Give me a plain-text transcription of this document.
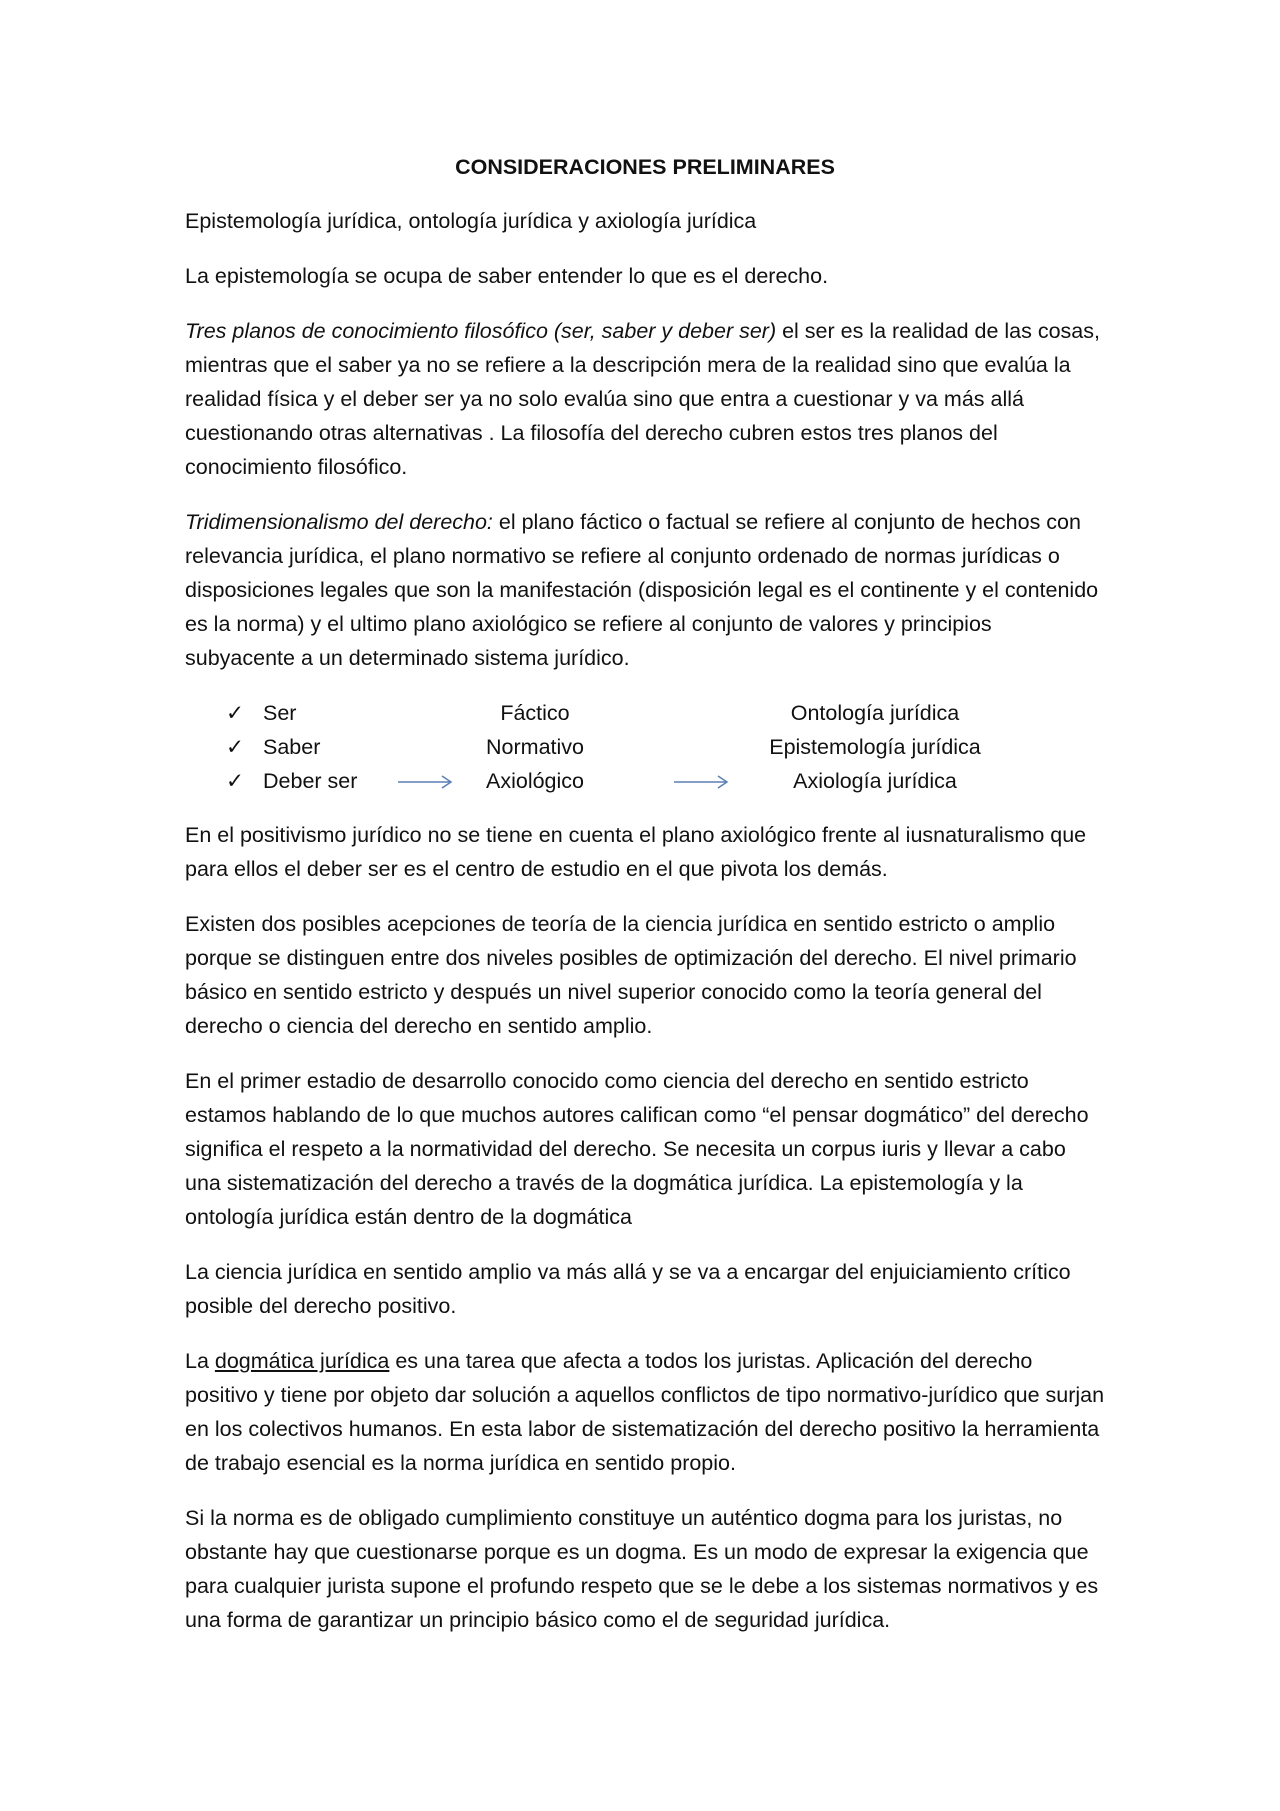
CONSIDERACIONES PRELIMINARES

Epistemología jurídica, ontología jurídica y axiología jurídica

La epistemología se ocupa de saber entender lo que es el derecho.

Tres planos de conocimiento filosófico (ser, saber y deber ser) el ser es la realidad de las cosas, mientras que el saber ya no se refiere a la descripción mera de la realidad sino que evalúa la realidad física y el deber ser ya no solo evalúa sino que entra a cuestionar y va más allá cuestionando otras alternativas . La filosofía del derecho cubren estos tres planos del conocimiento filosófico.

Tridimensionalismo del derecho: el plano fáctico o factual se refiere al conjunto de hechos con relevancia jurídica, el plano normativo se refiere al conjunto ordenado de normas jurídicas o disposiciones legales que son la manifestación (disposición legal es el continente y el contenido es la norma) y el ultimo plano axiológico se refiere al conjunto de valores y principios subyacente a un determinado sistema jurídico.

✓ Ser	Fáctico	Ontología jurídica
✓ Saber	Normativo	Epistemología jurídica
✓ Deber ser	Axiológico	Axiología jurídica

En el positivismo jurídico no se tiene en cuenta el plano axiológico frente al iusnaturalismo que para ellos el deber ser es el centro de estudio en el que pivota los demás.

Existen dos posibles acepciones de teoría de la ciencia jurídica en sentido estricto o amplio porque se distinguen entre dos niveles posibles de optimización del derecho. El nivel primario básico en sentido estricto y después un nivel superior conocido como la teoría general del derecho o ciencia del derecho en sentido amplio.

En el primer estadio de desarrollo conocido como ciencia del derecho en sentido estricto estamos hablando de lo que muchos autores califican como “el pensar dogmático” del derecho significa el respeto a la normatividad del derecho. Se necesita un corpus iuris y llevar a cabo una sistematización del derecho a través de la dogmática jurídica. La epistemología y la ontología jurídica están dentro de la dogmática

La ciencia jurídica en sentido amplio va más allá y se va a encargar del enjuiciamiento crítico posible del derecho positivo.

La dogmática jurídica es una tarea que afecta a todos los juristas. Aplicación del derecho positivo y tiene por objeto dar solución a aquellos conflictos de tipo normativo-jurídico que surjan en los colectivos humanos. En esta labor de sistematización del derecho positivo la herramienta de trabajo esencial es la norma jurídica en sentido propio.

Si la norma es de obligado cumplimiento constituye un auténtico dogma para los juristas, no obstante hay que cuestionarse porque es un dogma. Es un modo de expresar la exigencia que para cualquier jurista supone el profundo respeto que se le debe a los sistemas normativos y es una forma de garantizar un principio básico como el de seguridad jurídica.
